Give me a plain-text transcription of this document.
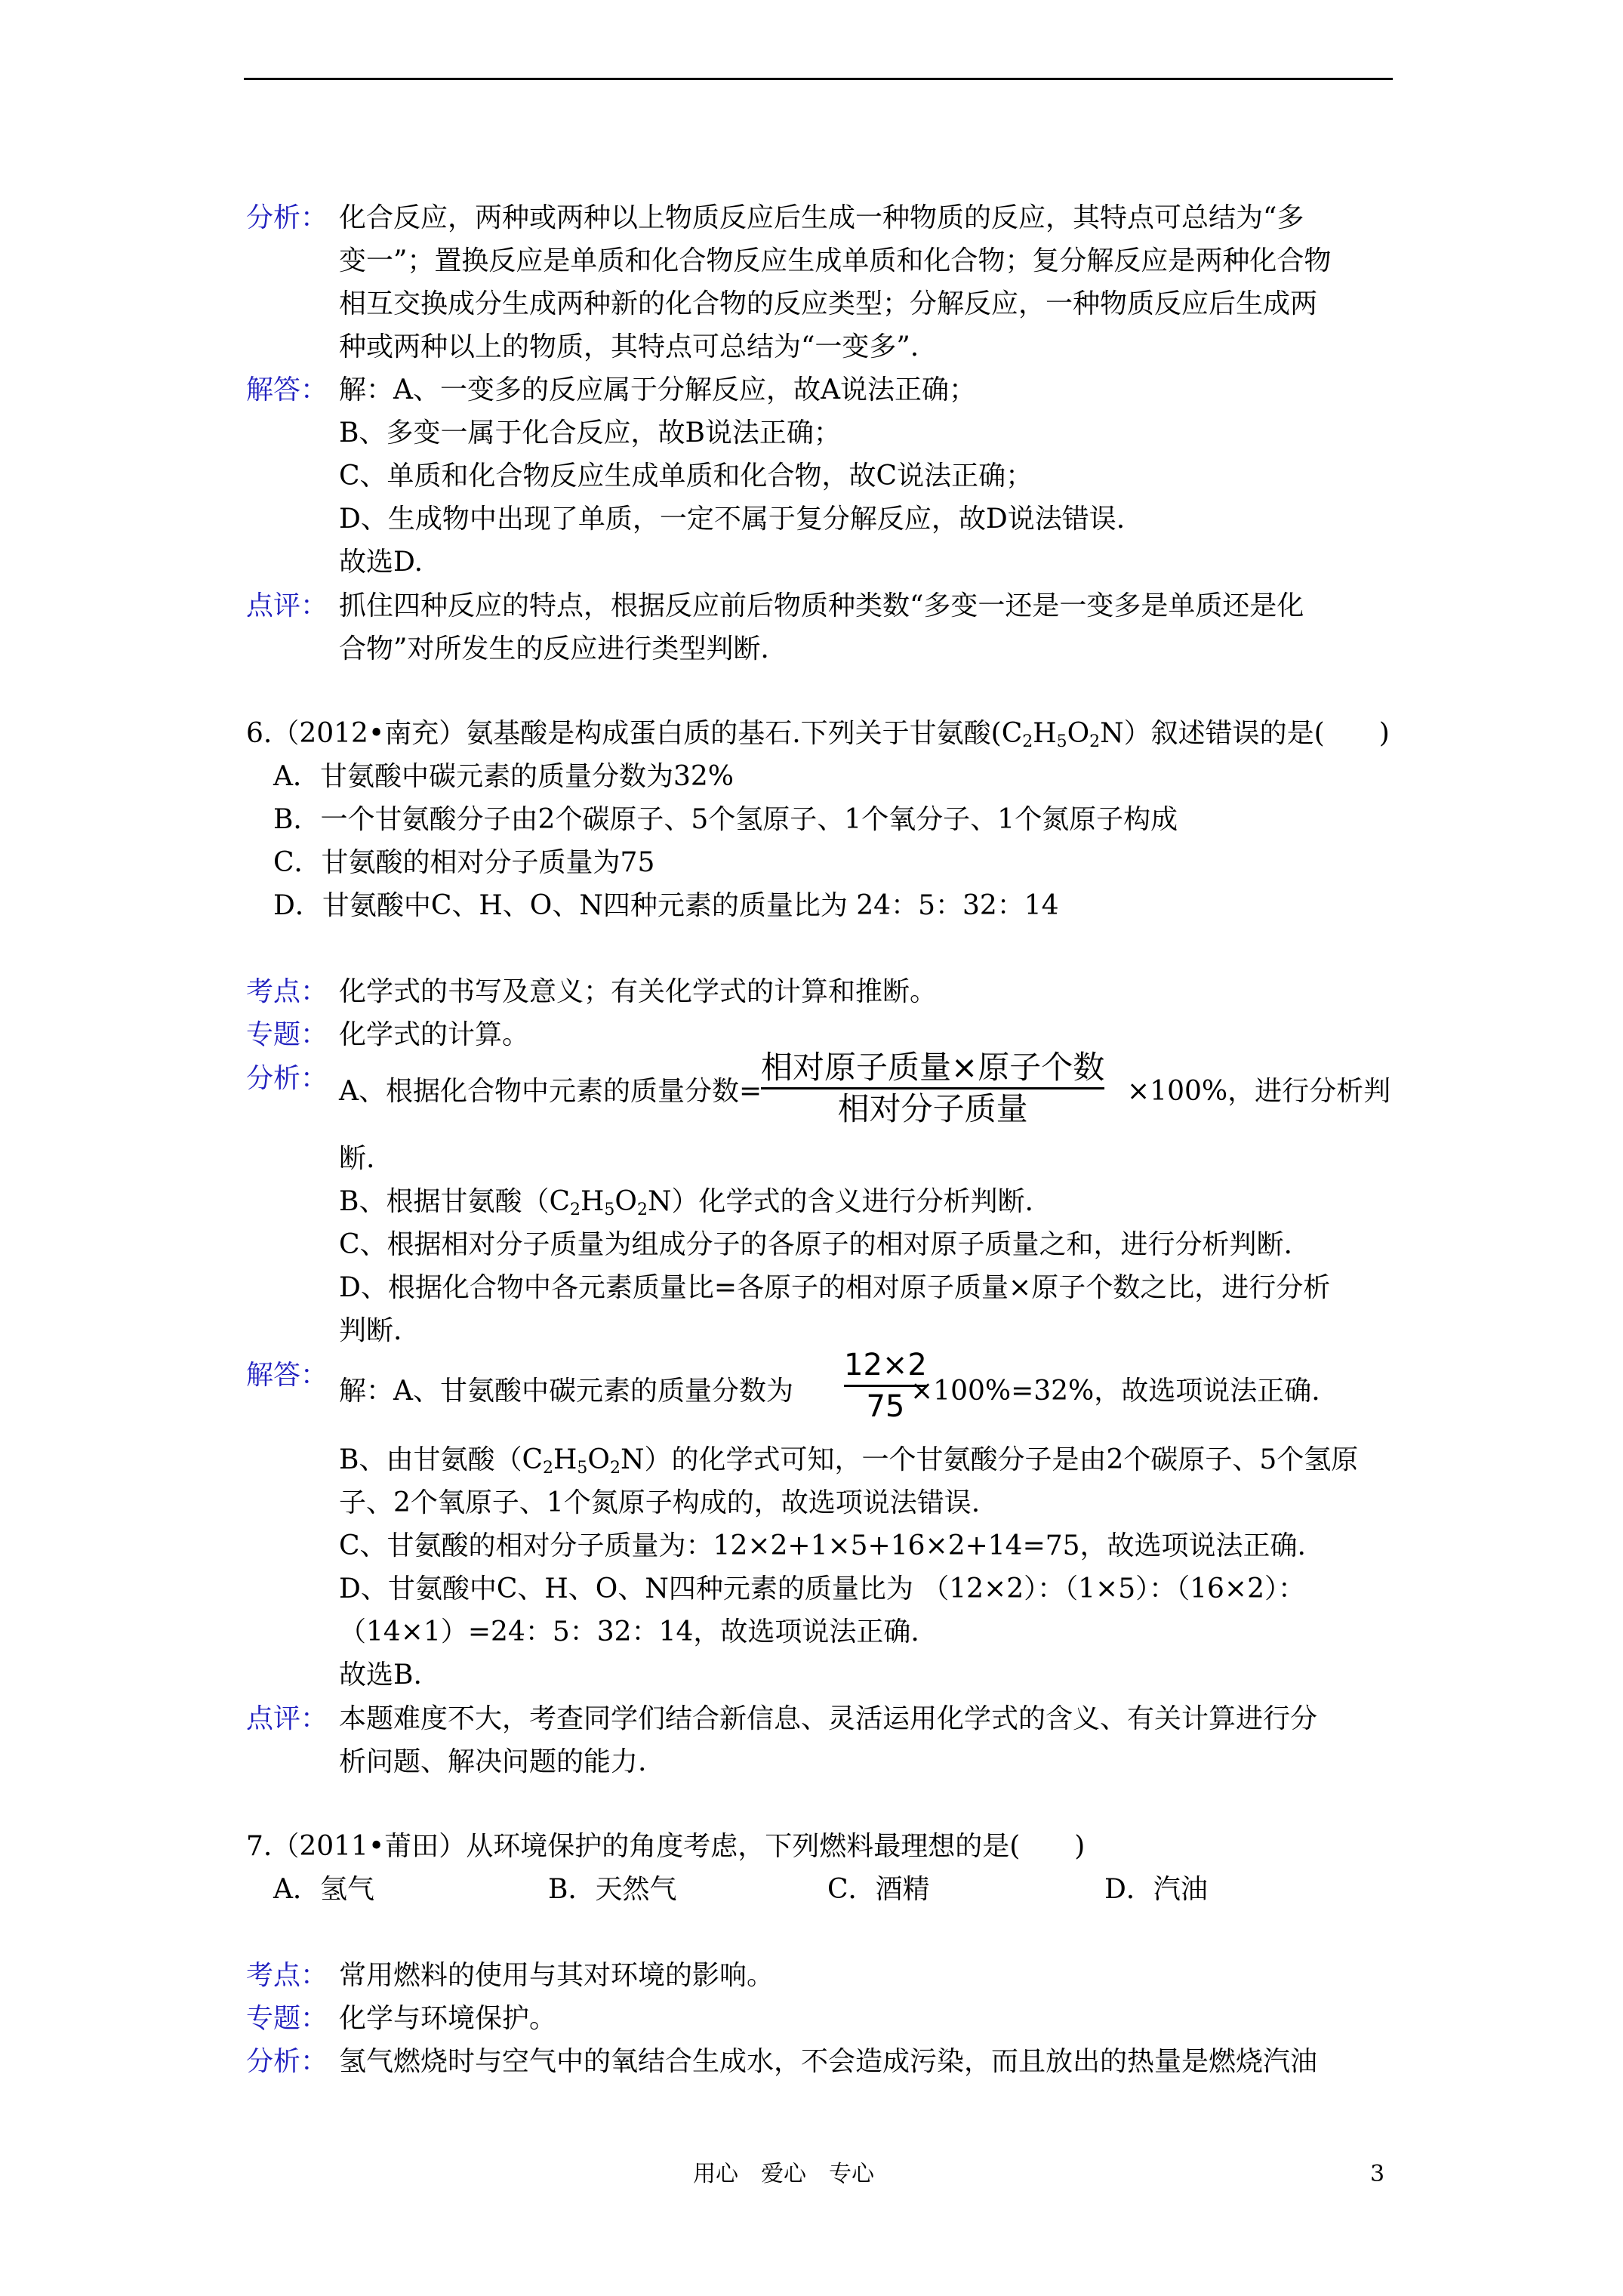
分析： 化合反应，两种或两种以上物质反应后生成一种物质的反应，其特点可总结为“多
变一”；置换反应是单质和化合物反应生成单质和化合物；复分解反应是两种化合物
相互交换成分生成两种新的化合物的反应类型；分解反应，一种物质反应后生成两
种或两种以上的物质，其特点可总结为“一变多”.
解答： 解：A、一变多的反应属于分解反应，故A说法正确；
B、多变一属于化合反应，故B说法正确；
C、单质和化合物反应生成单质和化合物，故C说法正确；
D、生成物中出现了单质，一定不属于复分解反应，故D说法错误.
故选D.
点评： 抓住四种反应的特点，根据反应前后物质种类数“多变一还是一变多是单质还是化
合物”对所发生的反应进行类型判断.
6.（2012•南充）氨基酸是构成蛋白质的基石.下列关于甘氨酸$(C_2H_5O_2N)$叙述错误的是(　　)
A．甘氨酸中碳元素的质量分数为32%
B．一个甘氨酸分子由2个碳原子、5个氢原子、1个氧分子、1个氮原子构成
C．甘氨酸的相对分子质量为75
D．甘氨酸中C、H、O、N四种元素的质量比为 24：5：32：14
考点： 化学式的书写及意义；有关化学式的计算和推断。
专题： 化学式的计算。
分析： A、根据化合物中元素的质量分数=
相对原子质量×原子个数
相对分子质量	×100%，进行分析判
断.
B、根据甘氨酸$(C_2H_5O_2N)$化学式的含义进行分析判断.
C、根据相对分子质量为组成分子的各原子的相对原子质量之和，进行分析判断.
D、根据化合物中各元素质量比=各原子的相对原子质量×原子个数之比，进行分析
判断.
解答：
解：A、甘氨酸中碳元素的质量分数为
12×2
75 ×100%=32%，故选项说法正确.
B、由甘氨酸$(C_2H_5O_2N)$的化学式可知，一个甘氨酸分子是由2个碳原子、5个氢原
子、2个氧原子、1个氮原子构成的，故选项说法错误.
C、甘氨酸的相对分子质量为：12×2+1×5+16×2+14=75，故选项说法正确.
D、甘氨酸中C、H、O、N四种元素的质量比为 （12×2）：（1×5）：（16×2）：
（14×1）=24：5：32：14，故选项说法正确.
故选B.
点评： 本题难度不大，考查同学们结合新信息、灵活运用化学式的含义、有关计算进行分
析问题、解决问题的能力.
7.（2011•莆田）从环境保护的角度考虑，下列燃料最理想的是(　　)
A．氢气	B．天然气	C．酒精	D．汽油
考点： 常用燃料的使用与其对环境的影响。
专题： 化学与环境保护。
分析： 氢气燃烧时与空气中的氧结合生成水，不会造成污染，而且放出的热量是燃烧汽油
用心　爱心　专心	3
